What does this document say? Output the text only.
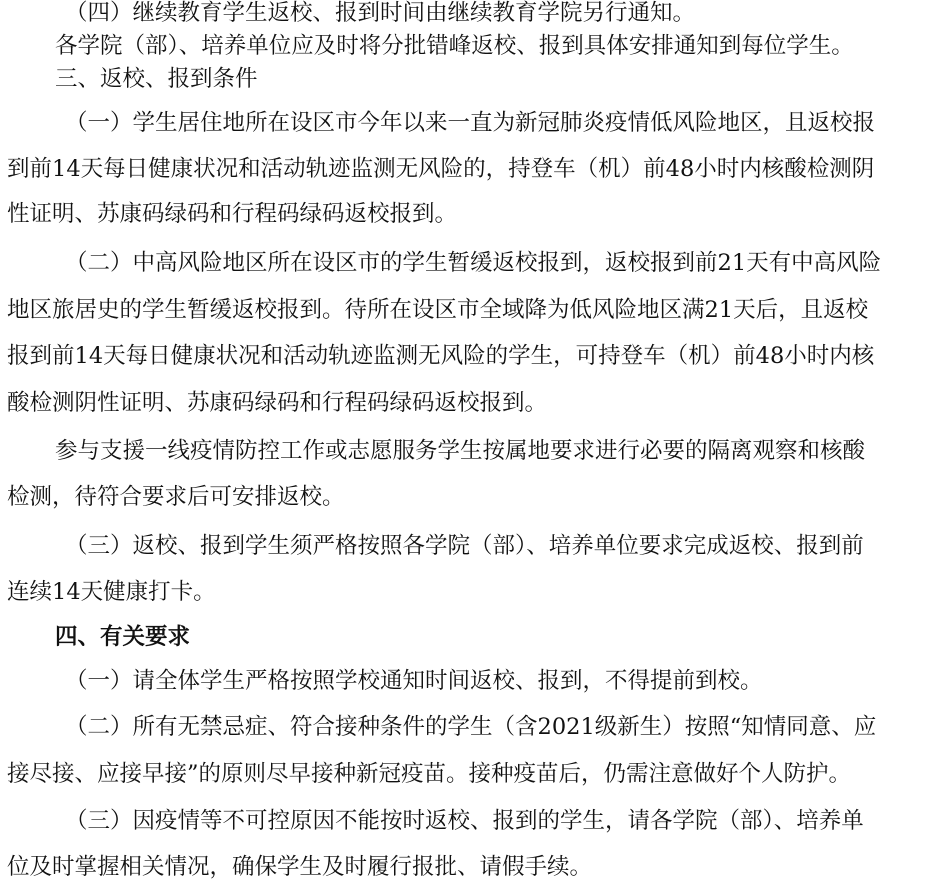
（四）继续教育学生返校、报到时间由继续教育学院另行通知。
各学院（部）、培养单位应及时将分批错峰返校、报到具体安排通知到每位学生。
三、返校、报到条件
（一）学生居住地所在设区市今年以来一直为新冠肺炎疫情低风险地区，且返校报
到前14天每日健康状况和活动轨迹监测无风险的，持登车（机）前48小时内核酸检测阴
性证明、苏康码绿码和行程码绿码返校报到。
（二）中高风险地区所在设区市的学生暂缓返校报到，返校报到前21天有中高风险
地区旅居史的学生暂缓返校报到。待所在设区市全域降为低风险地区满21天后，且返校
报到前14天每日健康状况和活动轨迹监测无风险的学生，可持登车（机）前48小时内核
酸检测阴性证明、苏康码绿码和行程码绿码返校报到。
参与支援一线疫情防控工作或志愿服务学生按属地要求进行必要的隔离观察和核酸
检测，待符合要求后可安排返校。
（三）返校、报到学生须严格按照各学院（部）、培养单位要求完成返校、报到前
连续14天健康打卡。
四、有关要求
（一）请全体学生严格按照学校通知时间返校、报到，不得提前到校。
（二）所有无禁忌症、符合接种条件的学生（含2021级新生）按照“知情同意、应
接尽接、应接早接”的原则尽早接种新冠疫苗。接种疫苗后，仍需注意做好个人防护。
（三）因疫情等不可控原因不能按时返校、报到的学生，请各学院（部）、培养单
位及时掌握相关情况，确保学生及时履行报批、请假手续。
